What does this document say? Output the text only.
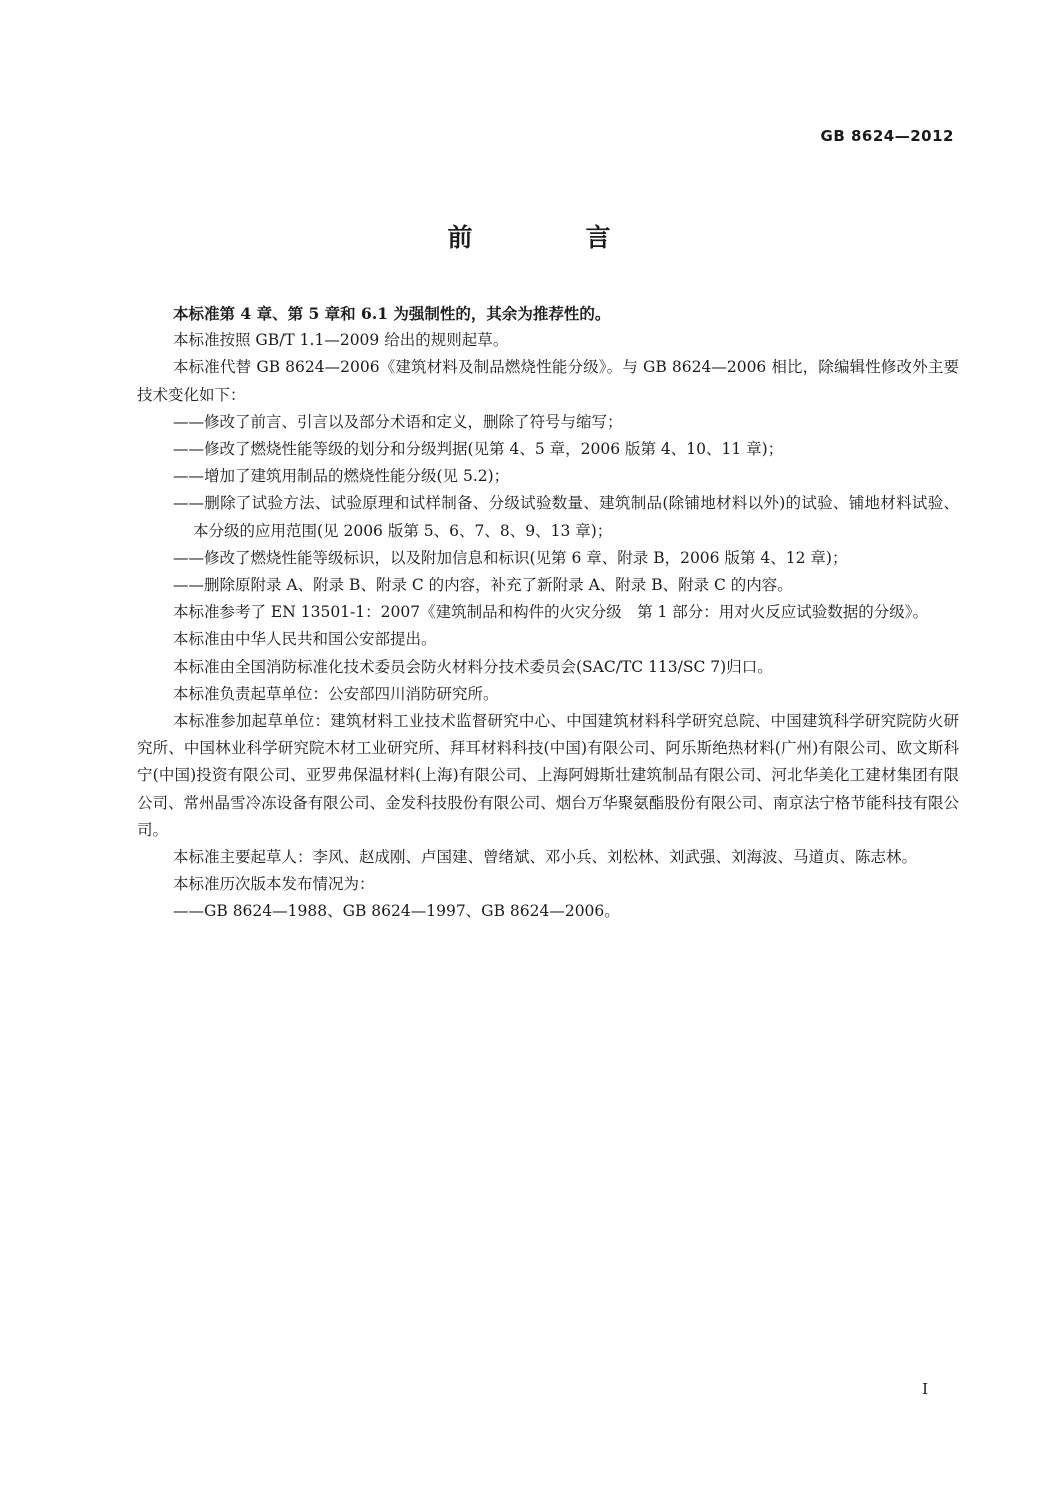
GB 8624—2012
前　言

本标准第 4 章、第 5 章和 6.1 为强制性的，其余为推荐性的。

本标准按照 GB/T 1.1—2009 给出的规则起草。

本标准代替 GB 8624—2006《建筑材料及制品燃烧性能分级》。与 GB 8624—2006 相比，除编辑性修改外主要技术变化如下：

——修改了前言、引言以及部分术语和定义，删除了符号与缩写；

——修改了燃烧性能等级的划分和分级判据(见第 4、5 章，2006 版第 4、10、11 章)；

——增加了建筑用制品的燃烧性能分级(见 5.2)；

——删除了试验方法、试验原理和试样制备、分级试验数量、建筑制品(除铺地材料以外)的试验、铺地材料试验、本分级的应用范围(见 2006 版第 5、6、7、8、9、13 章)；

——修改了燃烧性能等级标识，以及附加信息和标识(见第 6 章、附录 B，2006 版第 4、12 章)；

——删除原附录 A、附录 B、附录 C 的内容，补充了新附录 A、附录 B、附录 C 的内容。

本标准参考了 EN 13501-1：2007《建筑制品和构件的火灾分级　第 1 部分：用对火反应试验数据的分级》。

本标准由中华人民共和国公安部提出。

本标准由全国消防标准化技术委员会防火材料分技术委员会(SAC/TC 113/SC 7)归口。

本标准负责起草单位：公安部四川消防研究所。

本标准参加起草单位：建筑材料工业技术监督研究中心、中国建筑材料科学研究总院、中国建筑科学研究院防火研究所、中国林业科学研究院木材工业研究所、拜耳材料科技(中国)有限公司、阿乐斯绝热材料(广州)有限公司、欧文斯科宁(中国)投资有限公司、亚罗弗保温材料(上海)有限公司、上海阿姆斯壮建筑制品有限公司、河北华美化工建材集团有限公司、常州晶雪冷冻设备有限公司、金发科技股份有限公司、烟台万华聚氨酯股份有限公司、南京法宁格节能科技有限公司。

本标准主要起草人：李风、赵成刚、卢国建、曾绪斌、邓小兵、刘松林、刘武强、刘海波、马道贞、陈志林。

本标准历次版本发布情况为：

——GB 8624—1988、GB 8624—1997、GB 8624—2006。

I
